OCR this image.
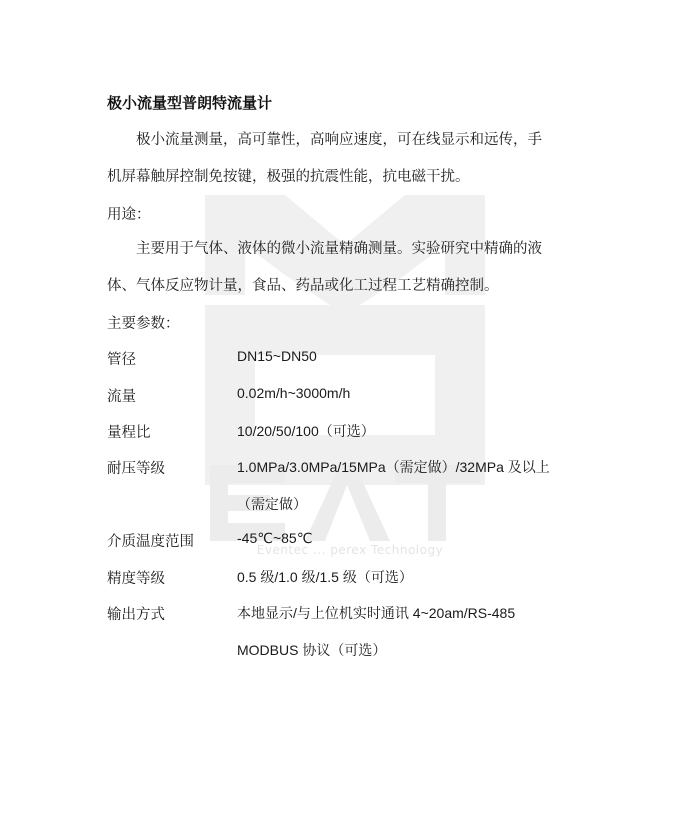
Eventec ... perex Technology
极小流量型普朗特流量计
　　极小流量测量，高可靠性，高响应速度，可在线显示和远传，手
机屏幕触屏控制免按键，极强的抗震性能，抗电磁干扰。
用途：
　　主要用于气体、液体的微小流量精确测量。实验研究中精确的液
体、气体反应物计量，食品、药品或化工过程工艺精确控制。
主要参数：
管径	DN15~DN50
流量	0.02m/h~3000m/h
量程比	10/20/50/100（可选）
耐压等级	1.0MPa/3.0MPa/15MPa（需定做）/32MPa 及以上
（需定做）
介质温度范围	-45℃~85℃
精度等级	0.5 级/1.0 级/1.5 级（可选）
输出方式	本地显示/与上位机实时通讯 4~20am/RS-485
MODBUS 协议（可选）
